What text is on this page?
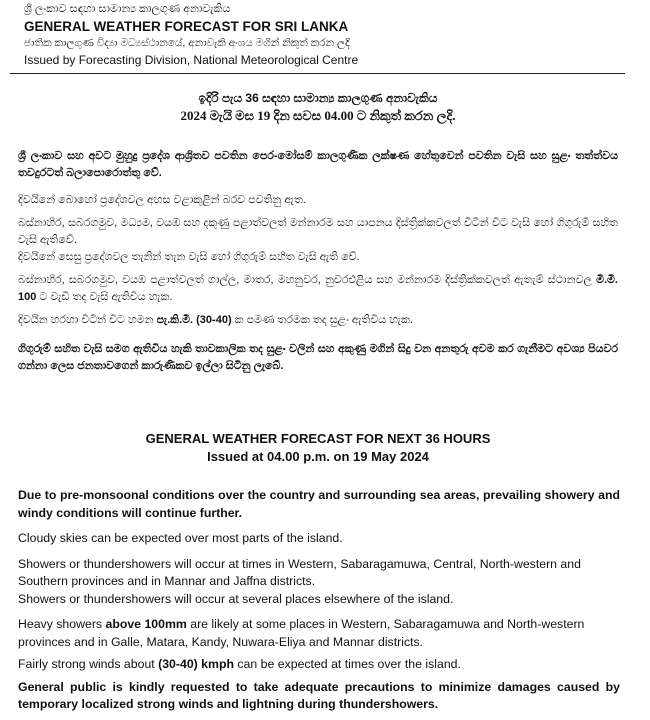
ශ්‍රී ලංකාව සඳහා සාමාන්‍ය කාලගුණ අනාවැකිය
GENERAL WEATHER FORECAST FOR SRI LANKA
ජාතික කාලගුණ විද්‍යා මධ්‍යස්ථානයේ, අනාවැකි අංශය මගින් නිකුත් කරන ලදි
Issued by Forecasting Division, National Meteorological Centre
ඉදිරි පැය 36 සඳහා සාමාන්‍ය කාලගුණ අනාවැකිය
2024 මැයි මස 19 දින සවස 04.00 ට නිකුත් කරන ලදි.

ශ්‍රී ලංකාව සහ අවට මුහුදු ප්‍රදේශ ආශ්‍රිතව පවතින පෙර-මෝසම් කාලගුණික ලක්ෂණ හේතුවෙන් පවතින වැසි සහ සුළං තත්ත්වය තවදුරටත් බලාපොරොත්තු වේ.

දිවයිනේ බොහෝ ප්‍රදේශවල අහස වළාකුළින් බරව පවතිනු ඇත.

බස්නාහිර, සබරගමුව, මධ්‍යම, වයඹ සහ දකුණු පළාත්වලත් මන්නාරම සහ යාපනය දිස්ත්‍රික්කවලත් විටින් විට වැසි හෝ ගිගුරුම් සහිත වැසි ඇතිවේ.

දිවයිනේ සෙසු ප්‍රදේශවල තැනින් තැන වැසි හෝ ගිගුරුම් සහිත වැසි ඇති වේ.

බස්නාහිර, සබරගමුව, වයඹ පළාත්වලත් ගාල්ල, මාතර, මහනුවර, නුවරඑළිය සහ මන්නාරම දිස්ත්‍රික්කවලත් ඇතැම් ස්ථානවල මි.මී. 100 ට වැඩි තද වැසි ඇතිවිය හැක.

දිවයින හරහා විටින් විට හමන පැ.කි.මී. (30-40) ක පමණ තරමක තද සුළං ඇතිවිය හැක.

ගිගුරුම් සහිත වැසි සමග ඇතිවිය හැකි තාවකාලික තද සුළං වලින් සහ අකුණු මගින් සිදු වන අනතුරු අවම කර ගැනීමට අවශ්‍ය පියවර ගන්නා ලෙස ජනතාවගෙන් කාරුණිකව ඉල්ලා සිටිනු ලැබේ.

GENERAL WEATHER FORECAST FOR NEXT 36 HOURS
Issued at 04.00 p.m. on 19 May 2024

Due to pre-monsoonal conditions over the country and surrounding sea areas, prevailing showery and windy conditions will continue further.

Cloudy skies can be expected over most parts of the island.

Showers or thundershowers will occur at times in Western, Sabaragamuwa, Central, North-western and Southern provinces and in Mannar and Jaffna districts.

Showers or thundershowers will occur at several places elsewhere of the island.

Heavy showers above 100mm are likely at some places in Western, Sabaragamuwa and North-western provinces and in Galle, Matara, Kandy, Nuwara-Eliya and Mannar districts.

Fairly strong winds about (30-40) kmph can be expected at times over the island.

General public is kindly requested to take adequate precautions to minimize damages caused by temporary localized strong winds and lightning during thundershowers.
